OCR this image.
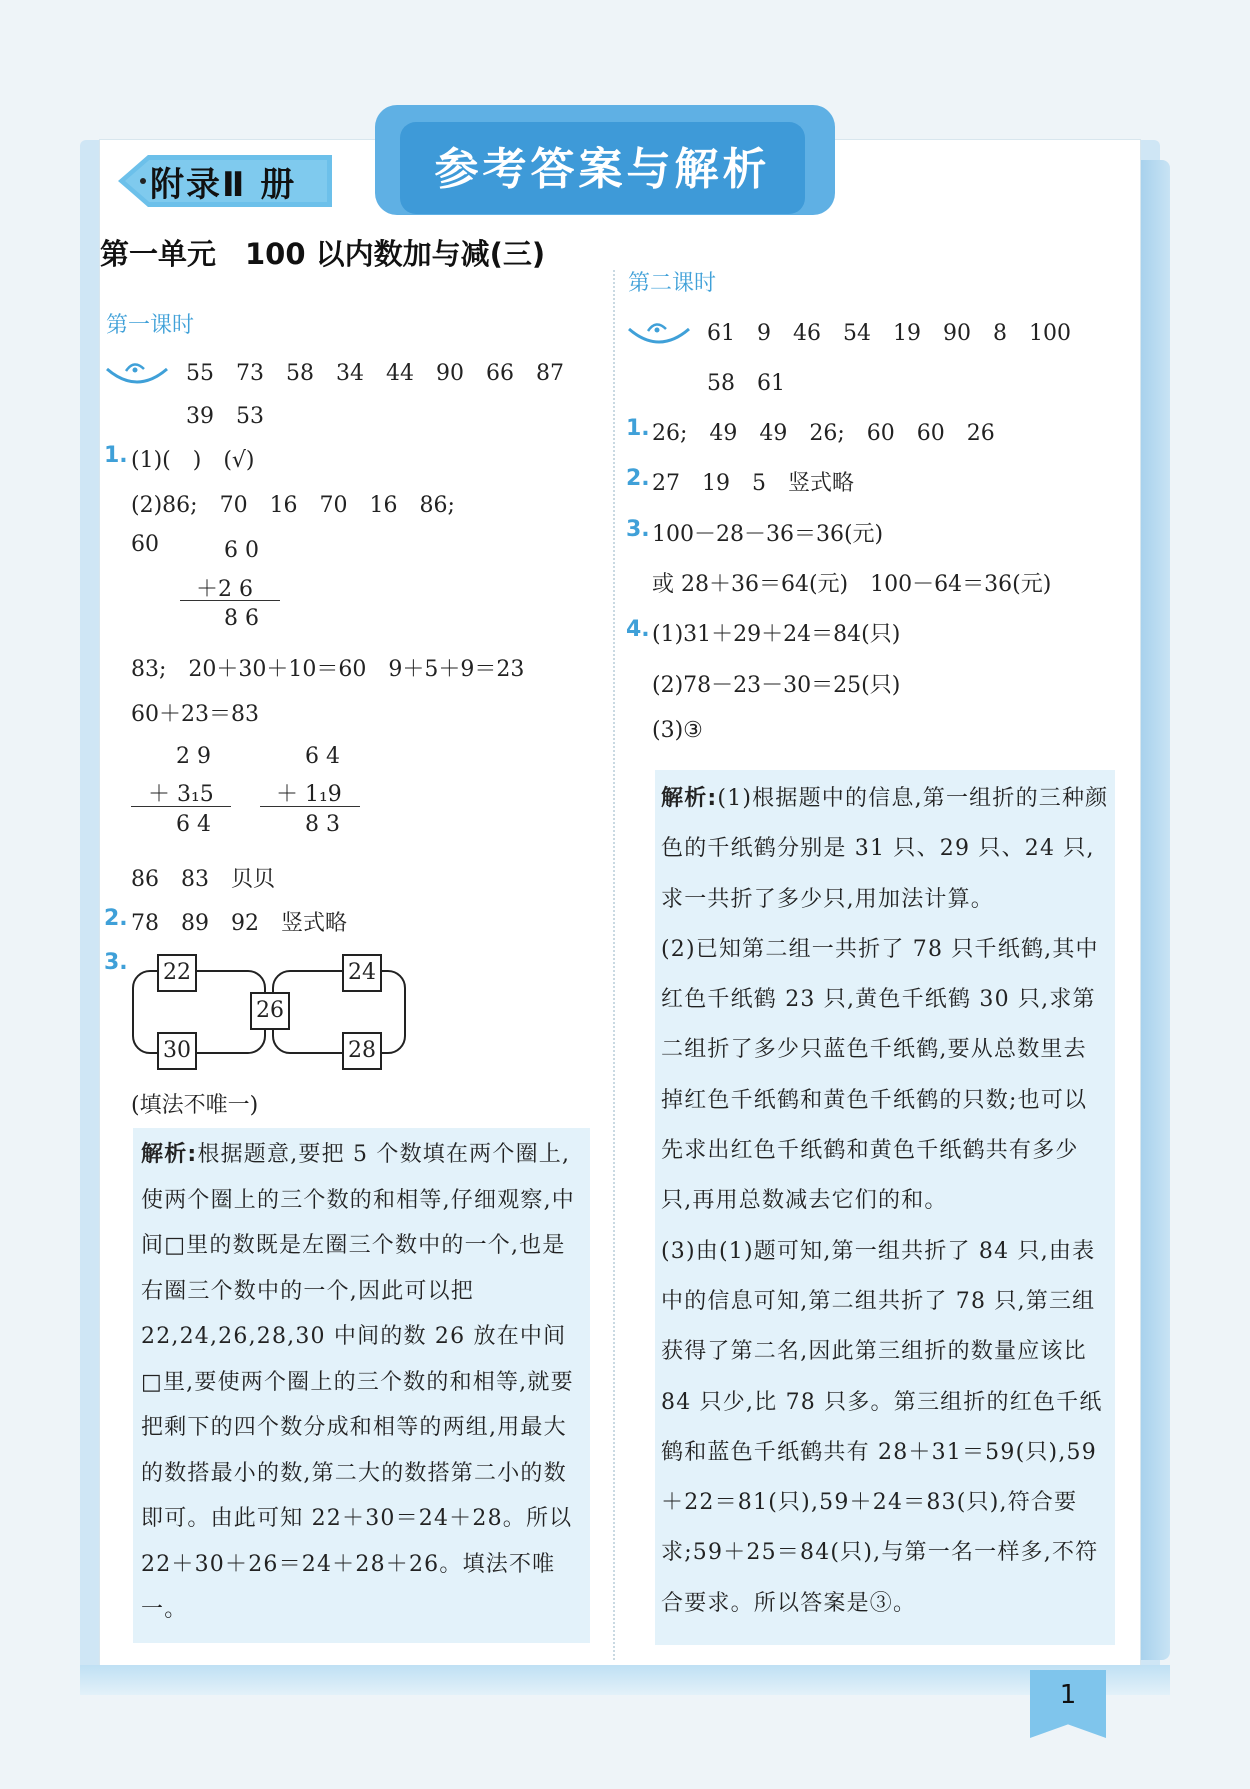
参考答案与解析
附录Ⅱ 册
第一单元　100 以内数加与减(三)
第一课时
55　73　58　34　44　90　66　87
39　53
1. (1)(　)　(√)
(2)86;　70　16　70　16　86;
60	6 0
＋2 6
8 6
83;　20＋30＋10＝60　9＋5＋9＝23
60＋23＝83
2 9
＋ 3₁5
6 4
6 4
＋ 1₁9
8 3
86　83　贝贝
2. 78　89　92　竖式略
3. 22	24
26
30	28
(填法不唯一)
解析:根据题意,要把 5 个数填在两个圈上,使两个圈上的三个数的和相等,仔细观察,中间□里的数既是左圈三个数中的一个,也是右圈三个数中的一个,因此可以把 22,24,26,28,30 中间的数 26 放在中间□里,要使两个圈上的三个数的和相等,就要把剩下的四个数分成和相等的两组,用最大的数搭最小的数,第二大的数搭第二小的数即可。由此可知 22＋30＝24＋28。所以 22＋30＋26＝24＋28＋26。填法不唯一。
第二课时
61　9　46　54　19　90　8　100
58　61
1. 26;　49　49　26;　60　60　26
2. 27　19　5　竖式略
3. 100－28－36＝36(元)
或 28＋36＝64(元)　100－64＝36(元)
4. (1)31＋29＋24＝84(只)
(2)78－23－30＝25(只)
(3)③
解析:(1)根据题中的信息,第一组折的三种颜色的千纸鹤分别是 31 只、29 只、24 只,求一共折了多少只,用加法计算。
(2)已知第二组一共折了 78 只千纸鹤,其中红色千纸鹤 23 只,黄色千纸鹤 30 只,求第二组折了多少只蓝色千纸鹤,要从总数里去掉红色千纸鹤和黄色千纸鹤的只数;也可以先求出红色千纸鹤和黄色千纸鹤共有多少只,再用总数减去它们的和。
(3)由(1)题可知,第一组共折了 84 只,由表中的信息可知,第二组共折了 78 只,第三组获得了第二名,因此第三组折的数量应该比 84 只少,比 78 只多。第三组折的红色千纸鹤和蓝色千纸鹤共有 28＋31＝59(只),59＋22＝81(只),59＋24＝83(只),符合要求;59＋25＝84(只),与第一名一样多,不符合要求。所以答案是③。
1
